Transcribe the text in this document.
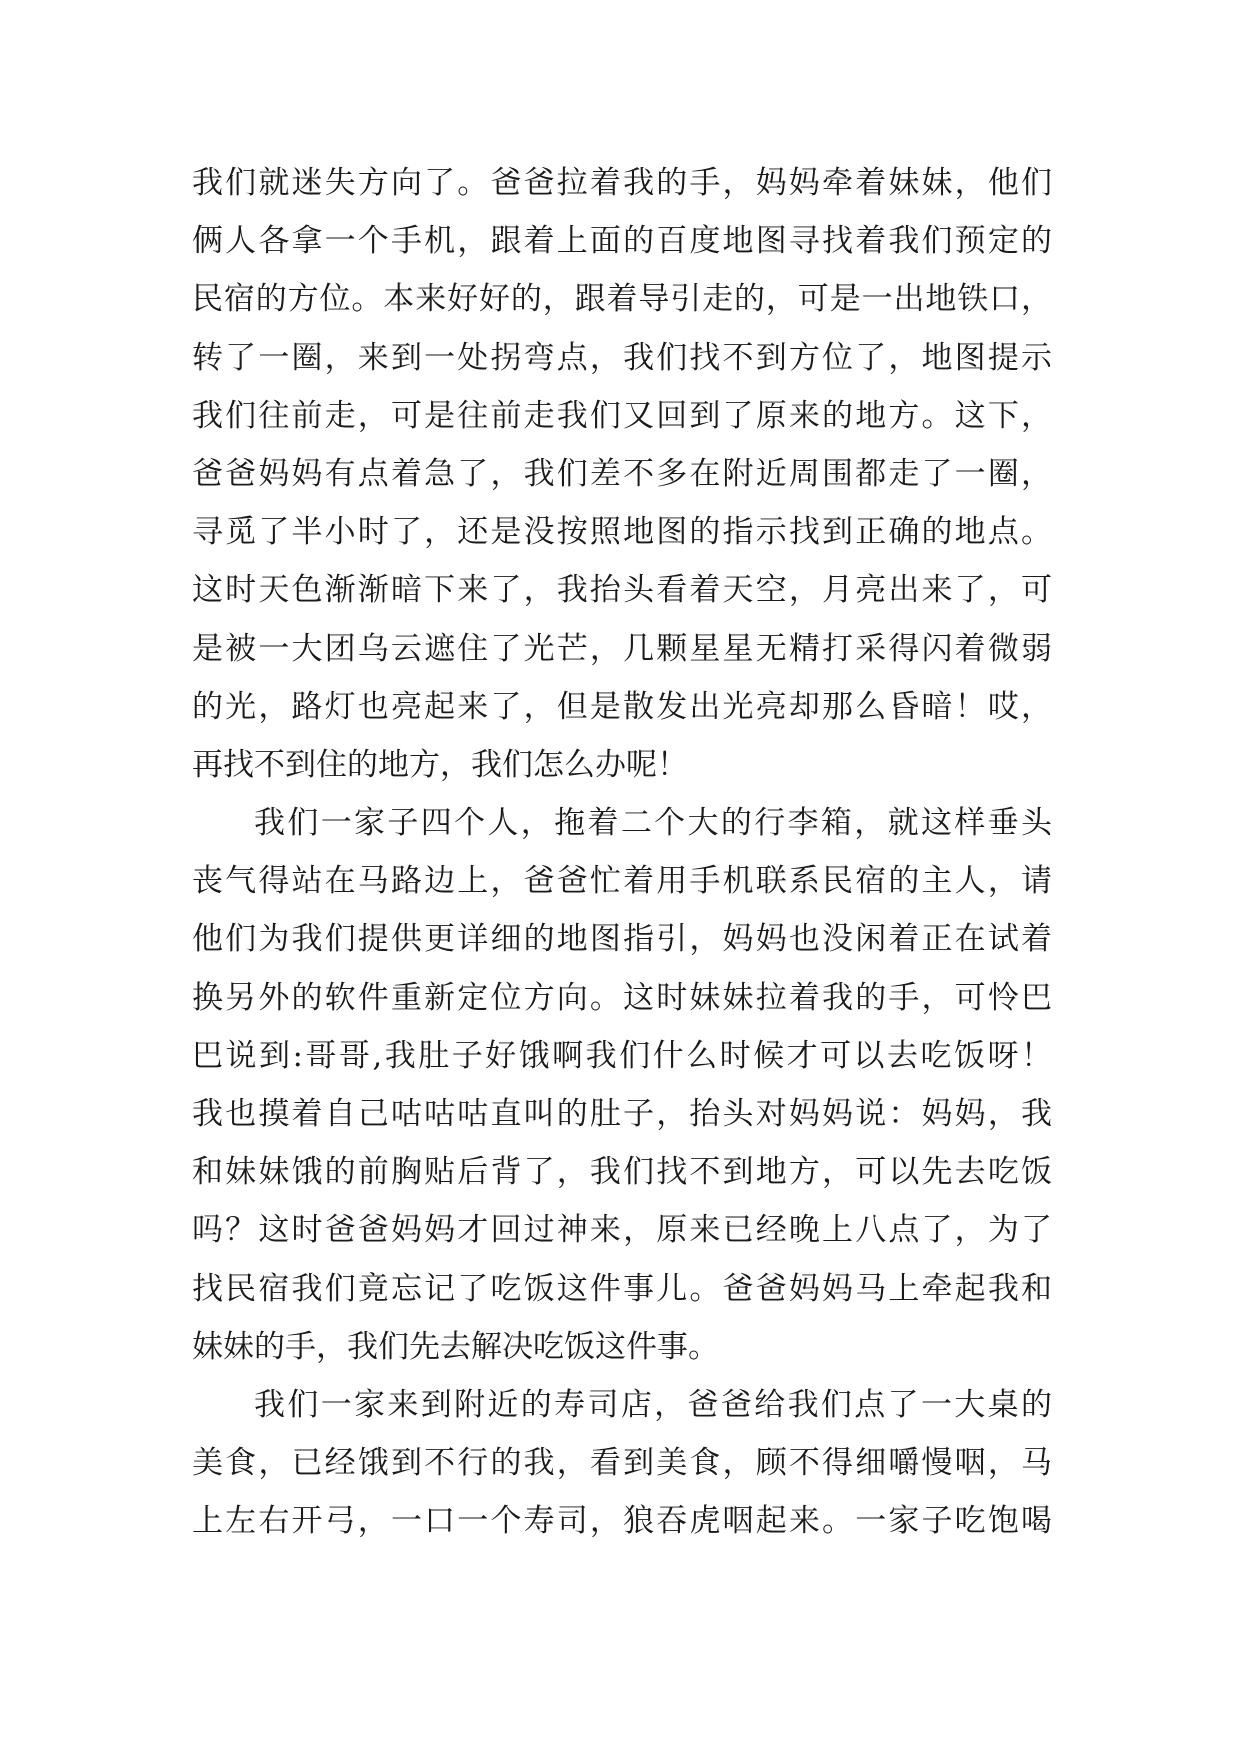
我们就迷失方向了。爸爸拉着我的手，妈妈牵着妹妹，他们
俩人各拿一个手机，跟着上面的百度地图寻找着我们预定的
民宿的方位。本来好好的，跟着导引走的，可是一出地铁口，
转了一圈，来到一处拐弯点，我们找不到方位了，地图提示
我们往前走，可是往前走我们又回到了原来的地方。这下，
爸爸妈妈有点着急了，我们差不多在附近周围都走了一圈，
寻觅了半小时了，还是没按照地图的指示找到正确的地点。
这时天色渐渐暗下来了，我抬头看着天空，月亮出来了，可
是被一大团乌云遮住了光芒，几颗星星无精打采得闪着微弱
的光，路灯也亮起来了，但是散发出光亮却那么昏暗！哎，
再找不到住的地方，我们怎么办呢！
我们一家子四个人，拖着二个大的行李箱，就这样垂头
丧气得站在马路边上，爸爸忙着用手机联系民宿的主人，请
他们为我们提供更详细的地图指引，妈妈也没闲着正在试着
换另外的软件重新定位方向。这时妹妹拉着我的手，可怜巴
巴说到:哥哥,我肚子好饿啊我们什么时候才可以去吃饭呀！
我也摸着自己咕咕咕直叫的肚子，抬头对妈妈说：妈妈，我
和妹妹饿的前胸贴后背了，我们找不到地方，可以先去吃饭
吗？这时爸爸妈妈才回过神来，原来已经晚上八点了，为了
找民宿我们竟忘记了吃饭这件事儿。爸爸妈妈马上牵起我和
妹妹的手，我们先去解决吃饭这件事。
我们一家来到附近的寿司店，爸爸给我们点了一大桌的
美食，已经饿到不行的我，看到美食，顾不得细嚼慢咽，马
上左右开弓，一口一个寿司，狼吞虎咽起来。一家子吃饱喝
